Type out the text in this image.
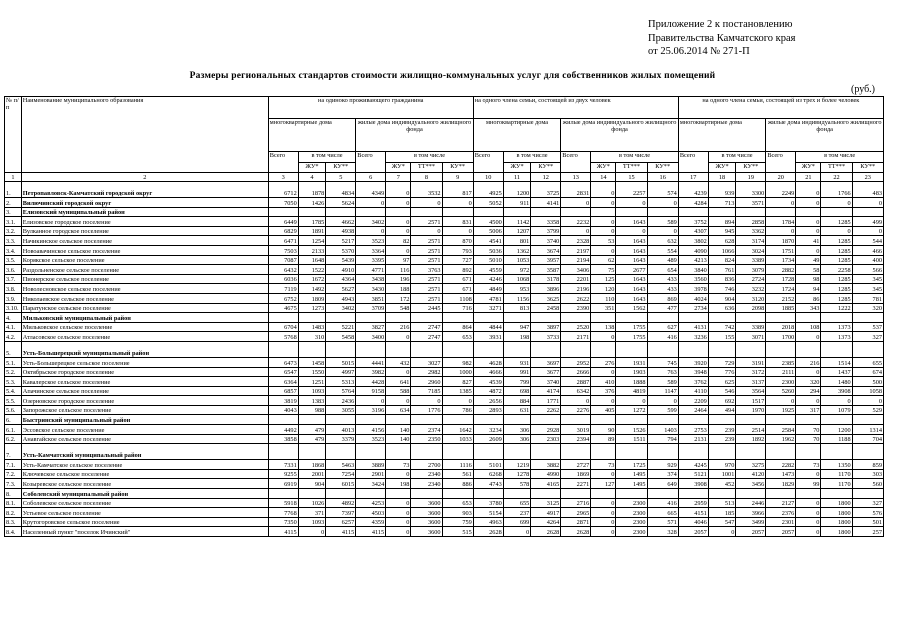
Приложение 2 к постановлению
Правительства Камчатского края
от 25.06.2014 № 271-П
Размеры региональных стандартов стоимости жилищно-коммунальных услуг для собственников жилых помещений
(руб.)
№ п/п	Наименование муниципального образования	на одиноко проживающего гражданина							на одного члена семьи, состоящей из двух человек							на одного члена семьи, состоящей из трех и более человек						
		многоквартирные дома			жилые дома индивидуального жилищного фонда				многоквартирные дома			жилые дома индивидуального жилищного фонда				многоквартирные дома			жилые дома индивидуального жилищного фонда			
		Всего	в том числе		Всего	в том числе			Всего	в том числе		Всего	в том числе			Всего	в том числе		Всего	в том числе		
			ЖУ*	КУ**		ЖУ*	ТТ***	КУ**		ЖУ*	КУ**		ЖУ*	ТТ***	КУ**		ЖУ*	КУ**		ЖУ*	ТТ***	КУ**
1	2	3	4	5	6	7	8	9	10	11	12	13	14	15	16	17	18	19	20	21	22	23
1.	Петропавловск-Камчатский городской округ	6712	1878	4834	4349	0	3532	817	4925	1200	3725	2831	0	2257	574	4239	939	3300	2249	0	1766	483
2.	Вилючинский городской округ	7050	1426	5624	0	0	0	0	5052	911	4141	0	0	0	0	4284	713	3571	0	0	0	0
3.	Елизовский муниципальный район																					
3.1.	Елизовское городское поселение	6449	1785	4662	3402	0	2571	831	4500	1142	3358	2232	0	1643	589	3752	894	2858	1784	0	1285	499
3.2.	Вулканное городское поселение	6829	1891	4938	0	0	0	0	5006	1207	3799	0	0	0	0	4307	945	3362	0	0	0	0
3.3.	Начикинское сельское поселение	6471	1254	5217	3523	82	2571	870	4541	801	3740	2328	53	1643	632	3802	628	3174	1870	41	1285	544
3.4.	Новоавачинское сельское поселение	7503	2133	5370	3364	0	2571	793	5036	1362	3674	2197	0	1643	554	4090	1066	3024	1751	0	1285	466
3.5.	Корякское сельское поселение	7087	1648	5439	3395	97	2571	727	5010	1053	3957	2194	62	1643	489	4213	824	3389	1734	49	1285	400
3.6.	Раздольненское сельское поселение	6432	1522	4910	4771	116	3763	892	4559	972	3587	3406	75	2677	654	3840	761	3079	2882	58	2258	566
3.7.	Пионерское сельское поселение	6036	1672	4364	3438	196	2571	671	4246	1068	3178	2201	125	1643	433	3560	836	2724	1728	98	1285	345
3.8.	Новолесновское сельское поселение	7119	1492	5627	3430	188	2571	671	4849	953	3896	2196	120	1643	433	3978	746	3232	1724	94	1285	345
3.9.	Николаевское сельское поселение	6752	1809	4943	3851	172	2571	1108	4781	1156	3625	2622	110	1643	869	4024	904	3120	2152	86	1285	781
3.10.	Паратунское сельское поселение	4675	1273	3402	3709	548	2445	716	3271	813	2458	2390	351	1562	477	2734	636	2098	1885	343	1222	320
4.	Мильковский муниципальный район																					
4.1.	Мильковское сельское поселение	6704	1483	5221	3827	216	2747	864	4844	947	3897	2520	138	1755	627	4131	742	3389	2018	108	1373	537
4.2.	Атласовское сельское поселение	5768	310	5458	3400	0	2747	653	3931	198	3733	2171	0	1755	416	3236	155	3071	1700	0	1373	327
5.	Усть-Большерецкий муниципальный район																					
5.1.	Усть-Большерецкое сельское поселение	6473	1458	5015	4441	432	3027	982	4628	931	3697	2952	276	1931	745	3920	729	3191	2385	216	1514	655
5.2.	Октябрьское городское поселение	6547	1550	4997	3982	0	2982	1000	4666	991	3677	2666	0	1903	763	3948	776	3172	2111	0	1437	674
5.3.	Кавалерское сельское поселение	6364	1251	5313	4428	641	2960	827	4539	799	3740	2887	410	1888	589	3762	625	3137	2300	320	1480	500
5.4.	Апачинское сельское поселение	6857	1093	5764	9158	588	7185	1385	4872	698	4174	6342	376	4819	1147	4110	546	3564	5260	294	3908	1058
5.5.	Озерновское городское поселение	3819	1383	2436	0	0	0	0	2656	884	1771	0	0	0	0	2209	692	1517	0	0	0	0
5.6.	Запорожское сельское поселение	4043	988	3055	3196	634	1776	786	2893	631	2262	2276	405	1272	599	2464	494	1970	1925	317	1079	529
6.	Быстринский муниципальный район																					
6.1.	Эссовское сельское поселение	4492	479	4013	4156	140	2374	1642	3234	306	2928	3019	90	1526	1403	2753	239	2514	2584	70	1200	1314
6.2.	Анавгайское сельское поселение	3858	479	3379	3523	140	2350	1033	2609	306	2303	2394	89	1511	794	2131	239	1892	1962	70	1188	704
7.	Усть-Камчатский муниципальный район																					
7.1.	Усть-Камчатское сельское поселение	7331	1868	5463	3889	73	2700	1116	5101	1219	3882	2727	73	1725	929	4245	970	3275	2282	73	1350	859
7.2.	Ключевское сельское поселение	9255	2001	7254	2901	0	2340	561	6268	1278	4990	1869	0	1495	374	5121	1001	4120	1473	0	1170	303
7.3.	Козыревское сельское поселение	6919	904	6015	3424	198	2340	886	4743	578	4165	2271	127	1495	649	3908	452	3456	1829	99	1170	560
8.	Соболевский муниципальный район																					
8.1.	Соболевское сельское поселение	5918	1026	4892	4253	0	3600	653	3780	655	3125	2716	0	2300	416	2959	513	2446	2127	0	1800	327
8.2.	Устьевое сельское поселение	7768	371	7397	4503	0	3600	903	5154	237	4917	2965	0	2300	665	4151	185	3966	2376	0	1800	576
8.3.	Крутогоровское сельское поселение	7350	1093	6257	4359	0	3600	759	4963	699	4264	2871	0	2300	571	4046	547	3499	2301	0	1800	501
8.4.	Населенный пункт "поселок Ичинский"	4115	0	4115	4115	0	3600	515	2628	0	2628	2628	0	2300	328	2057	0	2057	2057	0	1800	257
